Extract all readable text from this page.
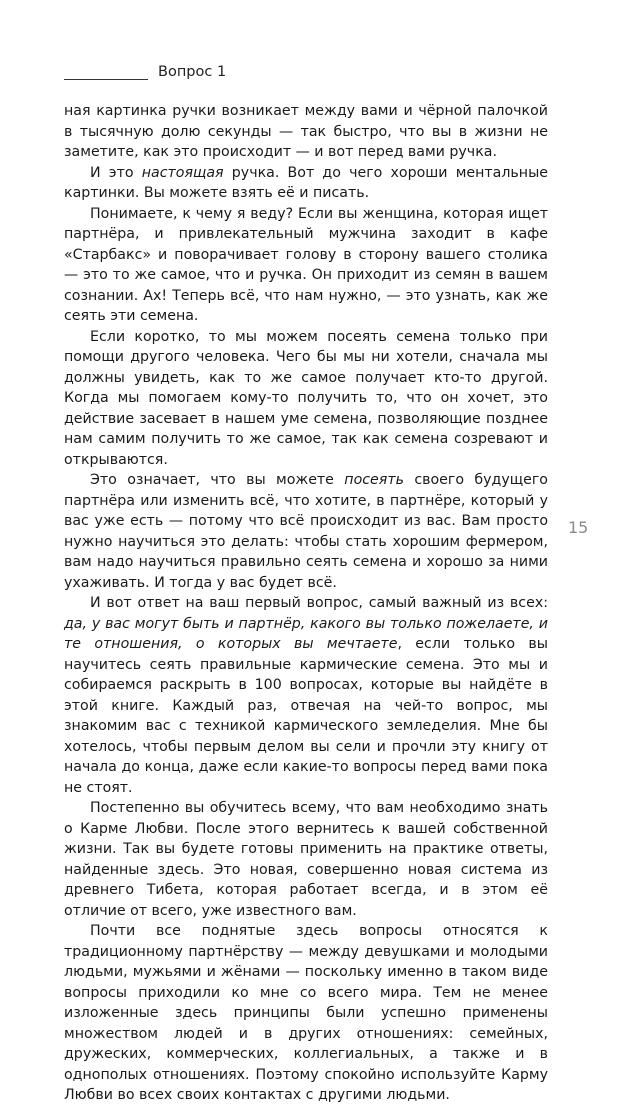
Вопрос 1

ная картинка ручки возникает между вами и чёрной палочкой в тысячную долю секунды — так быстро, что вы в жизни не заметите, как это происходит — и вот перед вами ручка.

И это настоящая ручка. Вот до чего хороши ментальные картинки. Вы можете взять её и писать.

Понимаете, к чему я веду? Если вы женщина, которая ищет партнёра, и привлекательный мужчина заходит в кафе «Старбакс» и поворачивает голову в сторону вашего столика — это то же самое, что и ручка. Он приходит из семян в вашем сознании. Ах! Теперь всё, что нам нужно, — это узнать, как же сеять эти семена.

Если коротко, то мы можем посеять семена только при помощи другого человека. Чего бы мы ни хотели, сначала мы должны увидеть, как то же самое получает кто-то другой. Когда мы помогаем кому-то получить то, что он хочет, это действие засевает в нашем уме семена, позволяющие позднее нам самим получить то же самое, так как семена созревают и открываются.

Это означает, что вы можете посеять своего будущего партнёра или изменить всё, что хотите, в партнёре, который у вас уже есть — потому что всё происходит из вас. Вам просто нужно научиться это делать: чтобы стать хорошим фермером, вам надо научиться правильно сеять семена и хорошо за ними ухаживать. И тогда у вас будет всё.

И вот ответ на ваш первый вопрос, самый важный из всех: да, у вас могут быть и партнёр, какого вы только пожелаете, и те отношения, о которых вы мечтаете, если только вы научитесь сеять правильные кармические семена. Это мы и собираемся раскрыть в 100 вопросах, которые вы найдёте в этой книге. Каждый раз, отвечая на чей-то вопрос, мы знакомим вас с техникой кармического земледелия. Мне бы хотелось, чтобы первым делом вы сели и прочли эту книгу от начала до конца, даже если какие-то вопросы перед вами пока не стоят.

Постепенно вы обучитесь всему, что вам необходимо знать о Карме Любви. После этого вернитесь к вашей собственной жизни. Так вы будете готовы применить на практике ответы, найденные здесь. Это новая, совершенно новая система из древнего Тибета, которая работает всегда, и в этом её отличие от всего, уже известного вам.

Почти все поднятые здесь вопросы относятся к традиционному партнёрству — между девушками и молодыми людьми, мужьями и жёнами — поскольку именно в таком виде вопросы приходили ко мне со всего мира. Тем не менее изложенные здесь принципы были успешно применены множеством людей и в других отношениях: семейных, дружеских, коммерческих, коллегиальных, а также и в однополых отношениях. Поэтому спокойно используйте Карму Любви во всех своих контактах с другими людьми.

15
